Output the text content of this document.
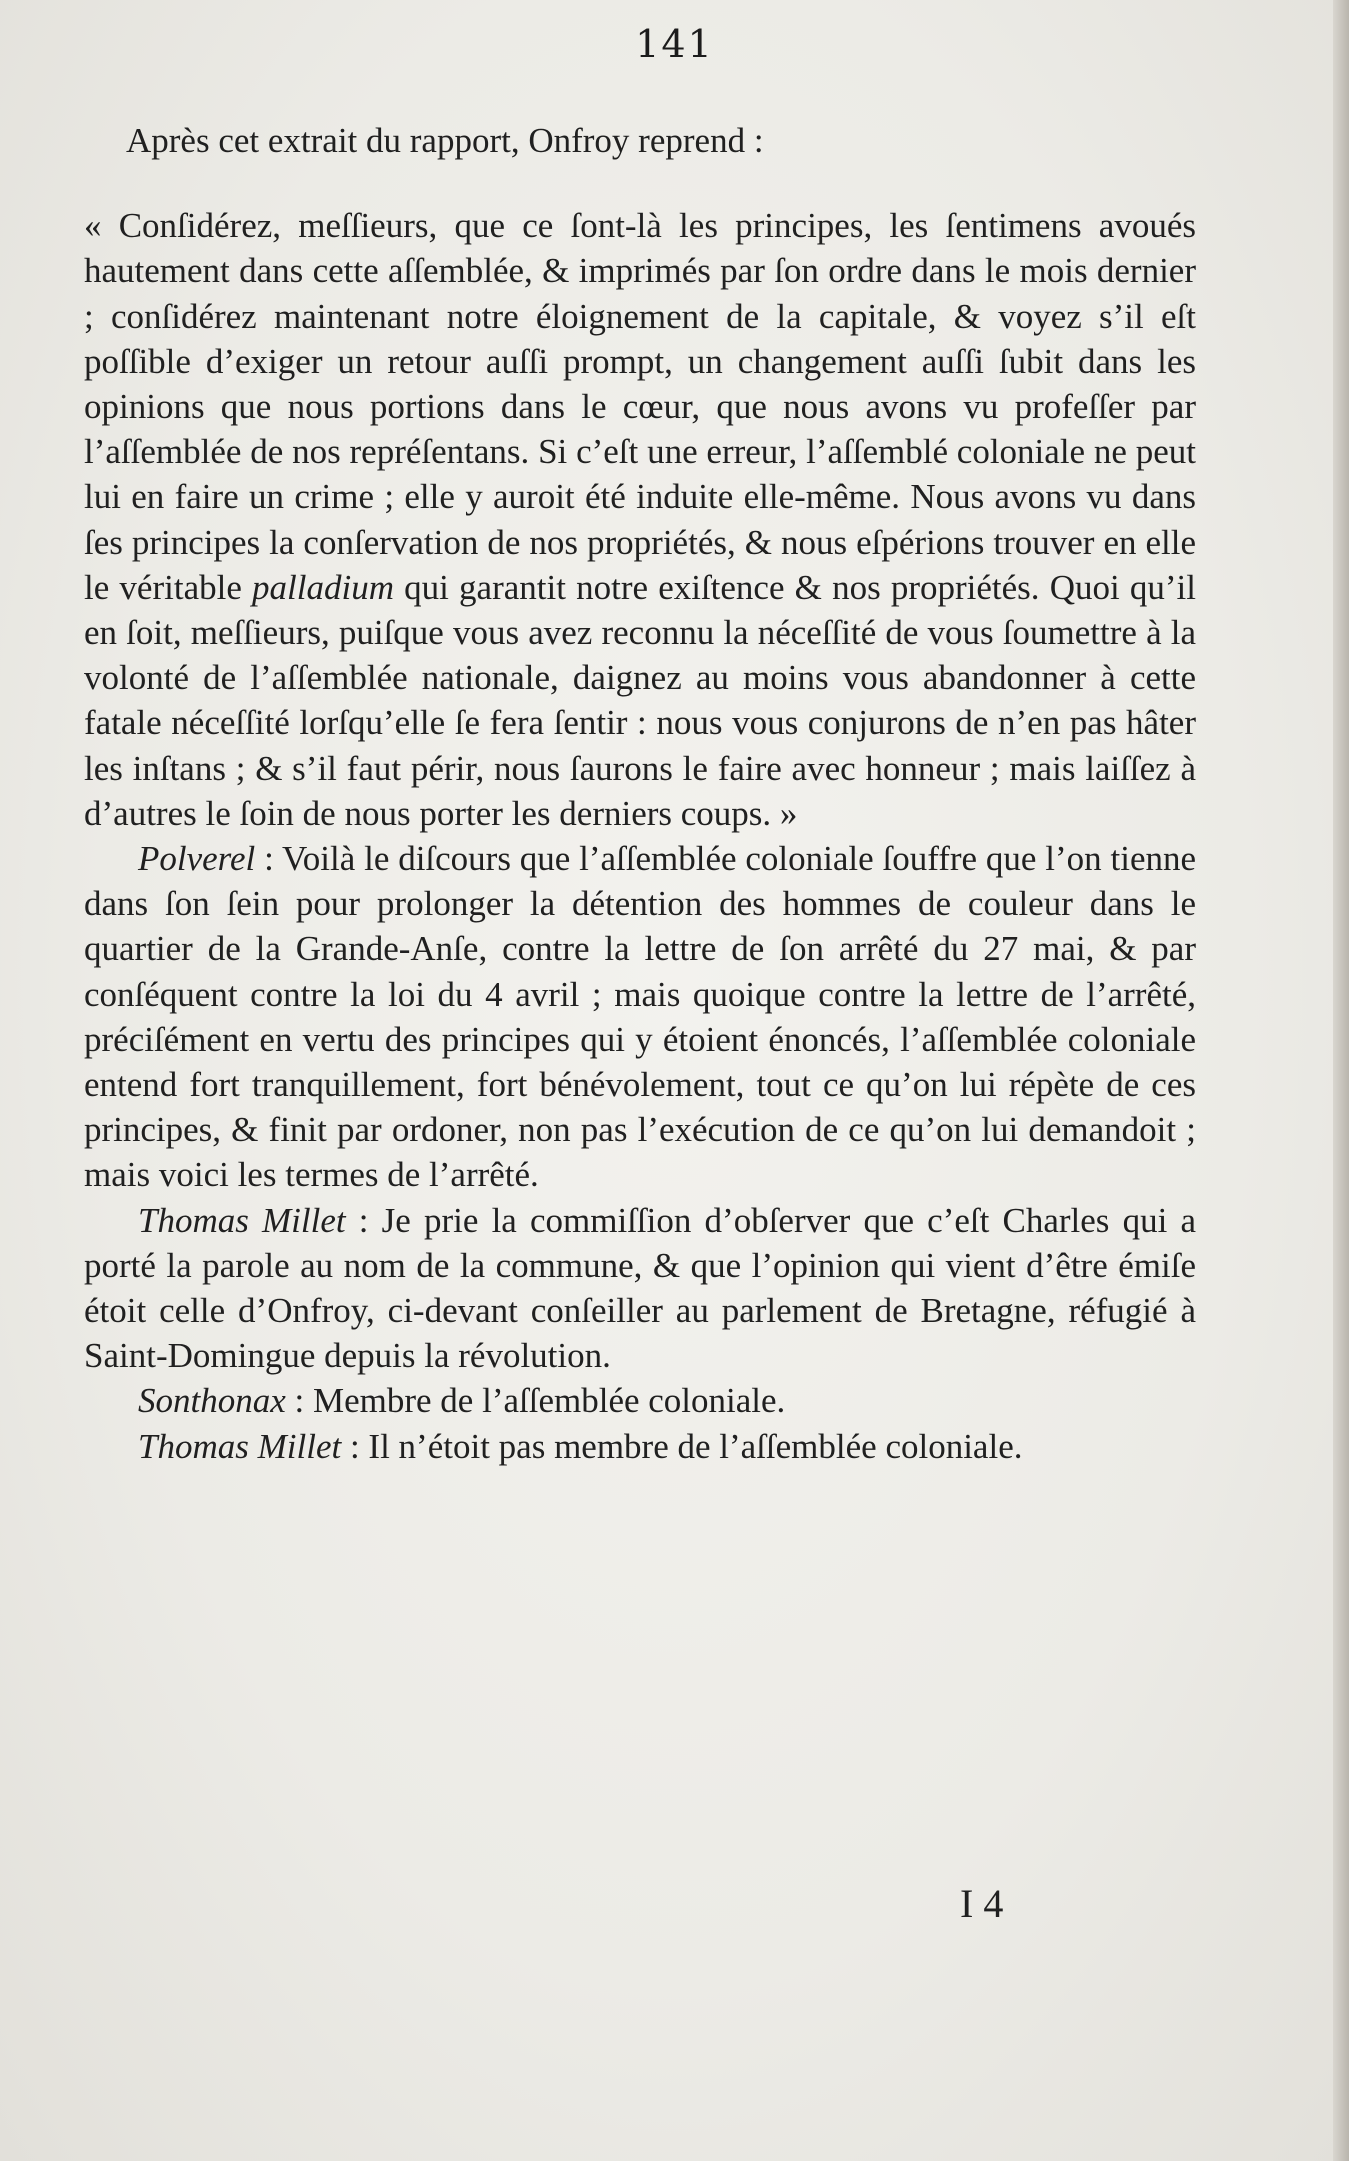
141

Après cet extrait du rapport, Onfroy reprend :

« Conſidérez, meſſieurs, que ce ſont-là les principes, les ſentimens avoués hautement dans cette aſſemblée, & imprimés par ſon ordre dans le mois dernier ; conſidérez maintenant notre éloignement de la capitale, & voyez s’il eſt poſſible d’exiger un retour auſſi prompt, un changement auſſi ſubit dans les opinions que nous portions dans le cœur, que nous avons vu profeſſer par l’aſſemblée de nos repréſentans. Si c’eſt une erreur, l’aſſemblé coloniale ne peut lui en faire un crime ; elle y auroit été induite elle-même. Nous avons vu dans ſes principes la conſervation de nos propriétés, & nous eſpérions trouver en elle le véritable palladium qui garantit notre exiſtence & nos propriétés. Quoi qu’il en ſoit, meſſieurs, puiſque vous avez reconnu la néceſſité de vous ſoumettre à la volonté de l’aſſemblée nationale, daignez au moins vous abandonner à cette fatale néceſſité lorſqu’elle ſe fera ſentir : nous vous conjurons de n’en pas hâter les inſtans ; & s’il faut périr, nous ſaurons le faire avec honneur ; mais laiſſez à d’autres le ſoin de nous porter les derniers coups. »

Polverel : Voilà le diſcours que l’aſſemblée coloniale ſouffre que l’on tienne dans ſon ſein pour prolonger la détention des hommes de couleur dans le quartier de la Grande-Anſe, contre la lettre de ſon arrêté du 27 mai, & par conſéquent contre la loi du 4 avril ; mais quoique contre la lettre de l’arrêté, préciſément en vertu des principes qui y étoient énoncés, l’aſſemblée coloniale entend fort tranquillement, fort bénévolement, tout ce qu’on lui répète de ces principes, & finit par ordoner, non pas l’exécution de ce qu’on lui demandoit ; mais voici les termes de l’arrêté.

Thomas Millet : Je prie la commiſſion d’obſerver que c’eſt Charles qui a porté la parole au nom de la commune, & que l’opinion qui vient d’être émiſe étoit celle d’Onfroy, ci-devant conſeiller au parlement de Bretagne, réfugié à Saint-Domingue depuis la révolution.

Sonthonax : Membre de l’aſſemblée coloniale.

Thomas Millet : Il n’étoit pas membre de l’aſſemblée coloniale.

I 4
